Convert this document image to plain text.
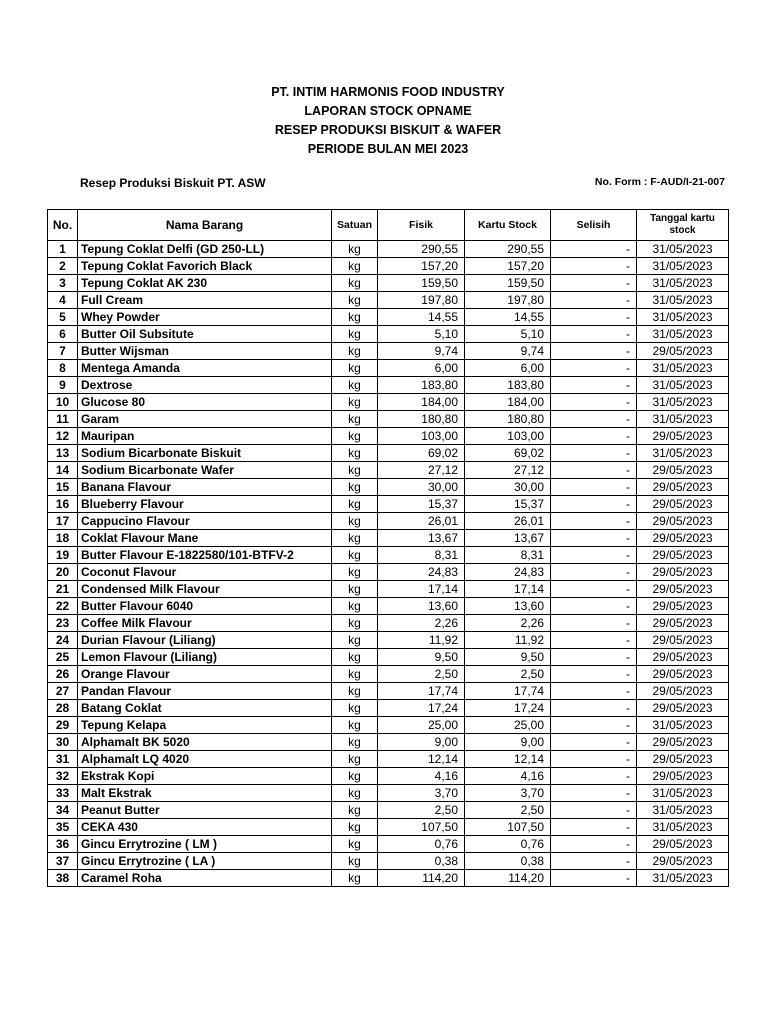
PT. INTIM HARMONIS FOOD INDUSTRY
LAPORAN STOCK OPNAME
RESEP PRODUKSI BISKUIT & WAFER
PERIODE BULAN MEI 2023
Resep Produksi Biskuit PT. ASW	No. Form : F-AUD/I-21-007
No.	Nama Barang	Satuan	Fisik	Kartu Stock	Selisih	Tanggal kartu stock
1	Tepung Coklat Delfi (GD 250-LL)	kg	290,55	290,55	-	31/05/2023
2	Tepung Coklat Favorich Black	kg	157,20	157,20	-	31/05/2023
3	Tepung Coklat AK 230	kg	159,50	159,50	-	31/05/2023
4	Full Cream	kg	197,80	197,80	-	31/05/2023
5	Whey Powder	kg	14,55	14,55	-	31/05/2023
6	Butter Oil Subsitute	kg	5,10	5,10	-	31/05/2023
7	Butter Wijsman	kg	9,74	9,74	-	29/05/2023
8	Mentega Amanda	kg	6,00	6,00	-	31/05/2023
9	Dextrose	kg	183,80	183,80	-	31/05/2023
10	Glucose 80	kg	184,00	184,00	-	31/05/2023
11	Garam	kg	180,80	180,80	-	31/05/2023
12	Mauripan	kg	103,00	103,00	-	29/05/2023
13	Sodium Bicarbonate Biskuit	kg	69,02	69,02	-	31/05/2023
14	Sodium Bicarbonate Wafer	kg	27,12	27,12	-	29/05/2023
15	Banana Flavour	kg	30,00	30,00	-	29/05/2023
16	Blueberry Flavour	kg	15,37	15,37	-	29/05/2023
17	Cappucino Flavour	kg	26,01	26,01	-	29/05/2023
18	Coklat Flavour Mane	kg	13,67	13,67	-	29/05/2023
19	Butter Flavour E-1822580/101-BTFV-2	kg	8,31	8,31	-	29/05/2023
20	Coconut Flavour	kg	24,83	24,83	-	29/05/2023
21	Condensed Milk Flavour	kg	17,14	17,14	-	29/05/2023
22	Butter Flavour 6040	kg	13,60	13,60	-	29/05/2023
23	Coffee Milk Flavour	kg	2,26	2,26	-	29/05/2023
24	Durian Flavour (Liliang)	kg	11,92	11,92	-	29/05/2023
25	Lemon Flavour (Liliang)	kg	9,50	9,50	-	29/05/2023
26	Orange Flavour	kg	2,50	2,50	-	29/05/2023
27	Pandan Flavour	kg	17,74	17,74	-	29/05/2023
28	Batang Coklat	kg	17,24	17,24	-	29/05/2023
29	Tepung Kelapa	kg	25,00	25,00	-	31/05/2023
30	Alphamalt BK 5020	kg	9,00	9,00	-	29/05/2023
31	Alphamalt LQ 4020	kg	12,14	12,14	-	29/05/2023
32	Ekstrak Kopi	kg	4,16	4,16	-	29/05/2023
33	Malt Ekstrak	kg	3,70	3,70	-	31/05/2023
34	Peanut Butter	kg	2,50	2,50	-	31/05/2023
35	CEKA 430	kg	107,50	107,50	-	31/05/2023
36	Gincu Errytrozine ( LM )	kg	0,76	0,76	-	29/05/2023
37	Gincu Errytrozine ( LA )	kg	0,38	0,38	-	29/05/2023
38	Caramel Roha	kg	114,20	114,20	-	31/05/2023
